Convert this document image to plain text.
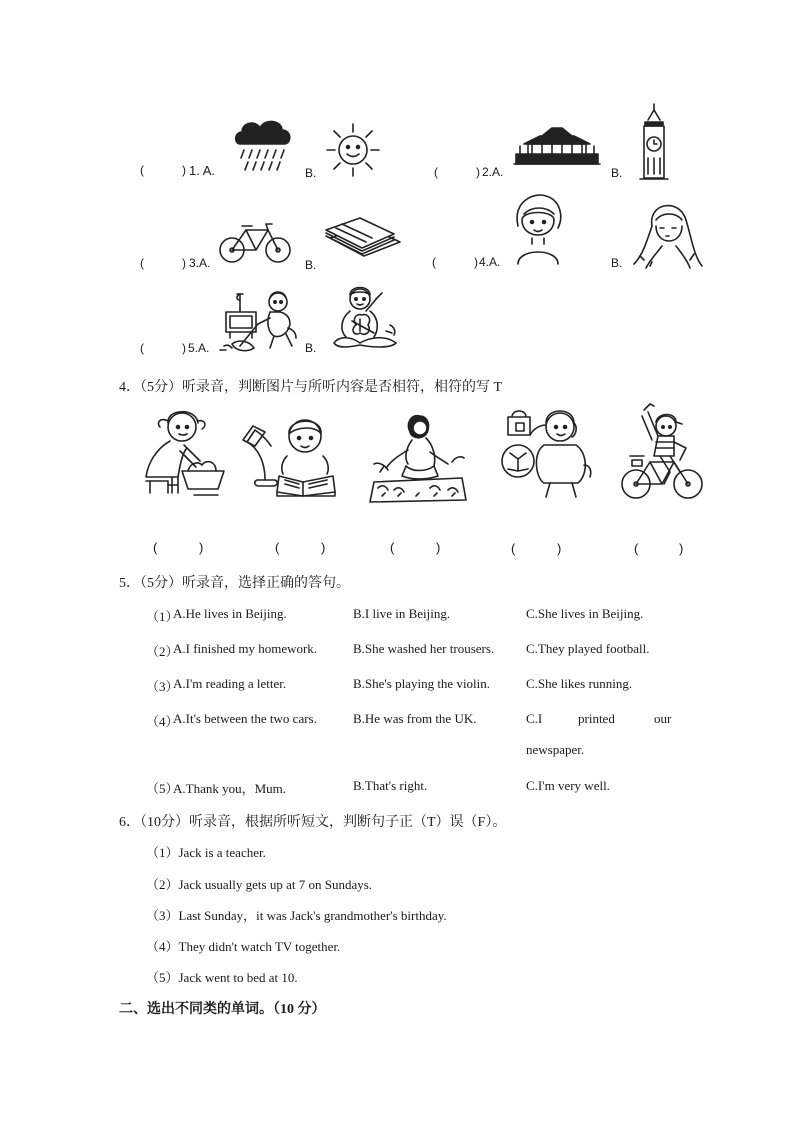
(	) 1. A.	B.	(	) 2.A.	B.
(	) 3.A.	B.	(	) 4.A.	B.
(	) 5.A.	B.
4．（5分）听录音，判断图片与所听内容是否相符，相符的写 T
(	)	(	)	(	)	(	)	(	)
5．（5分）听录音，选择正确的答句。
（1）
A.He lives in Beijing.	B.I live in Beijing.	C.She lives in Beijing.
（2）
A.I finished my homework.	B.She washed her trousers. C.They played football.
（3）
A.I'm reading a letter.	B.She's playing the violin.	C.She likes running.
（4）
A.It's between the two cars.	B.He was from the UK.	C.I	printed	our
newspaper.
（5）
A.Thank you，Mum.	B.That's right.	C.I'm very well.
6．（10分）听录音，根据所听短文，判断句子正（T）误（F）。
（1）Jack is a teacher.
（2）Jack usually gets up at 7 on Sundays.
（3）Last Sunday，it was Jack's grandmother's birthday.
（4）They didn't watch TV together.
（5）Jack went to bed at 10.
二、选出不同类的单词。（10 分）
